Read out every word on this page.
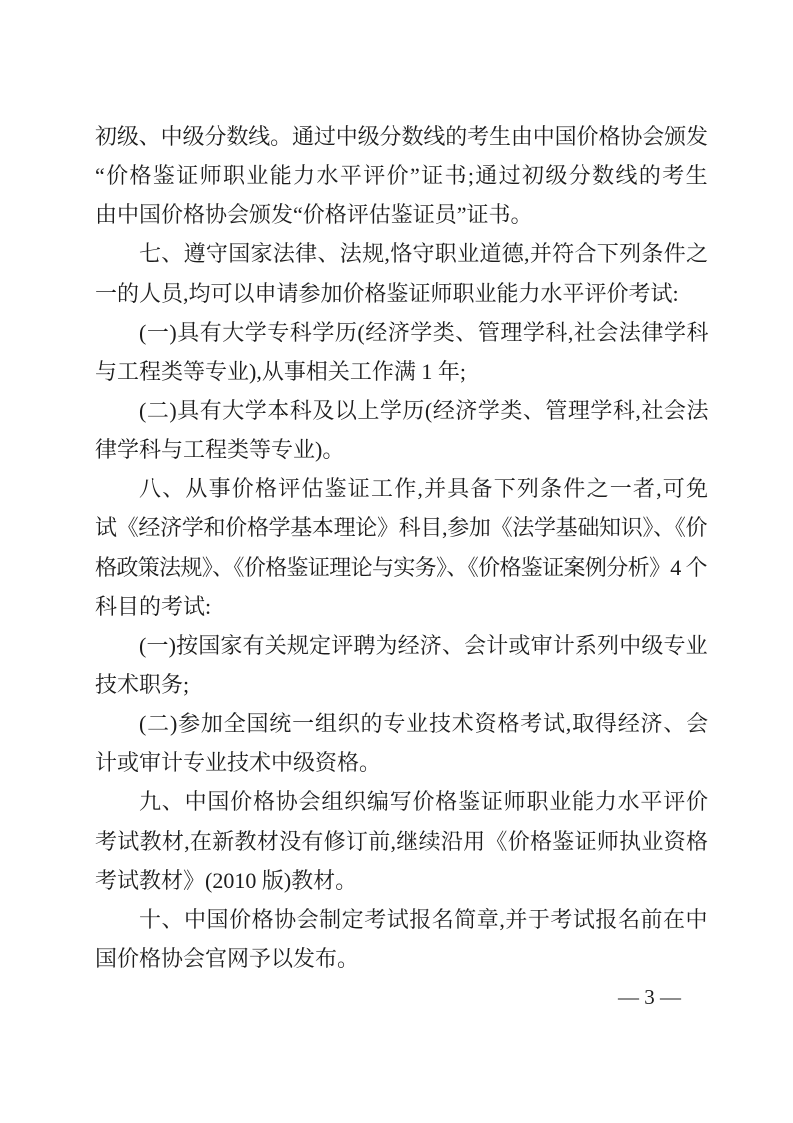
初级、中级分数线。通过中级分数线的考生由中国价格协会颁发
“价格鉴证师职业能力水平评价”证书;通过初级分数线的考生
由中国价格协会颁发“价格评估鉴证员”证书。
七、遵守国家法律、法规,恪守职业道德,并符合下列条件之
一的人员,均可以申请参加价格鉴证师职业能力水平评价考试:
(一)具有大学专科学历(经济学类、管理学科,社会法律学科
与工程类等专业),从事相关工作满 1 年;
(二)具有大学本科及以上学历(经济学类、管理学科,社会法
律学科与工程类等专业)。
八、从事价格评估鉴证工作,并具备下列条件之一者,可免
试《经济学和价格学基本理论》科目,参加《法学基础知识》、《价
格政策法规》、《价格鉴证理论与实务》、《价格鉴证案例分析》4 个
科目的考试:
(一)按国家有关规定评聘为经济、会计或审计系列中级专业
技术职务;
(二)参加全国统一组织的专业技术资格考试,取得经济、会
计或审计专业技术中级资格。
九、中国价格协会组织编写价格鉴证师职业能力水平评价
考试教材,在新教材没有修订前,继续沿用《价格鉴证师执业资格
考试教材》(2010 版)教材。
十、中国价格协会制定考试报名简章,并于考试报名前在中
国价格协会官网予以发布。
— 3 —
